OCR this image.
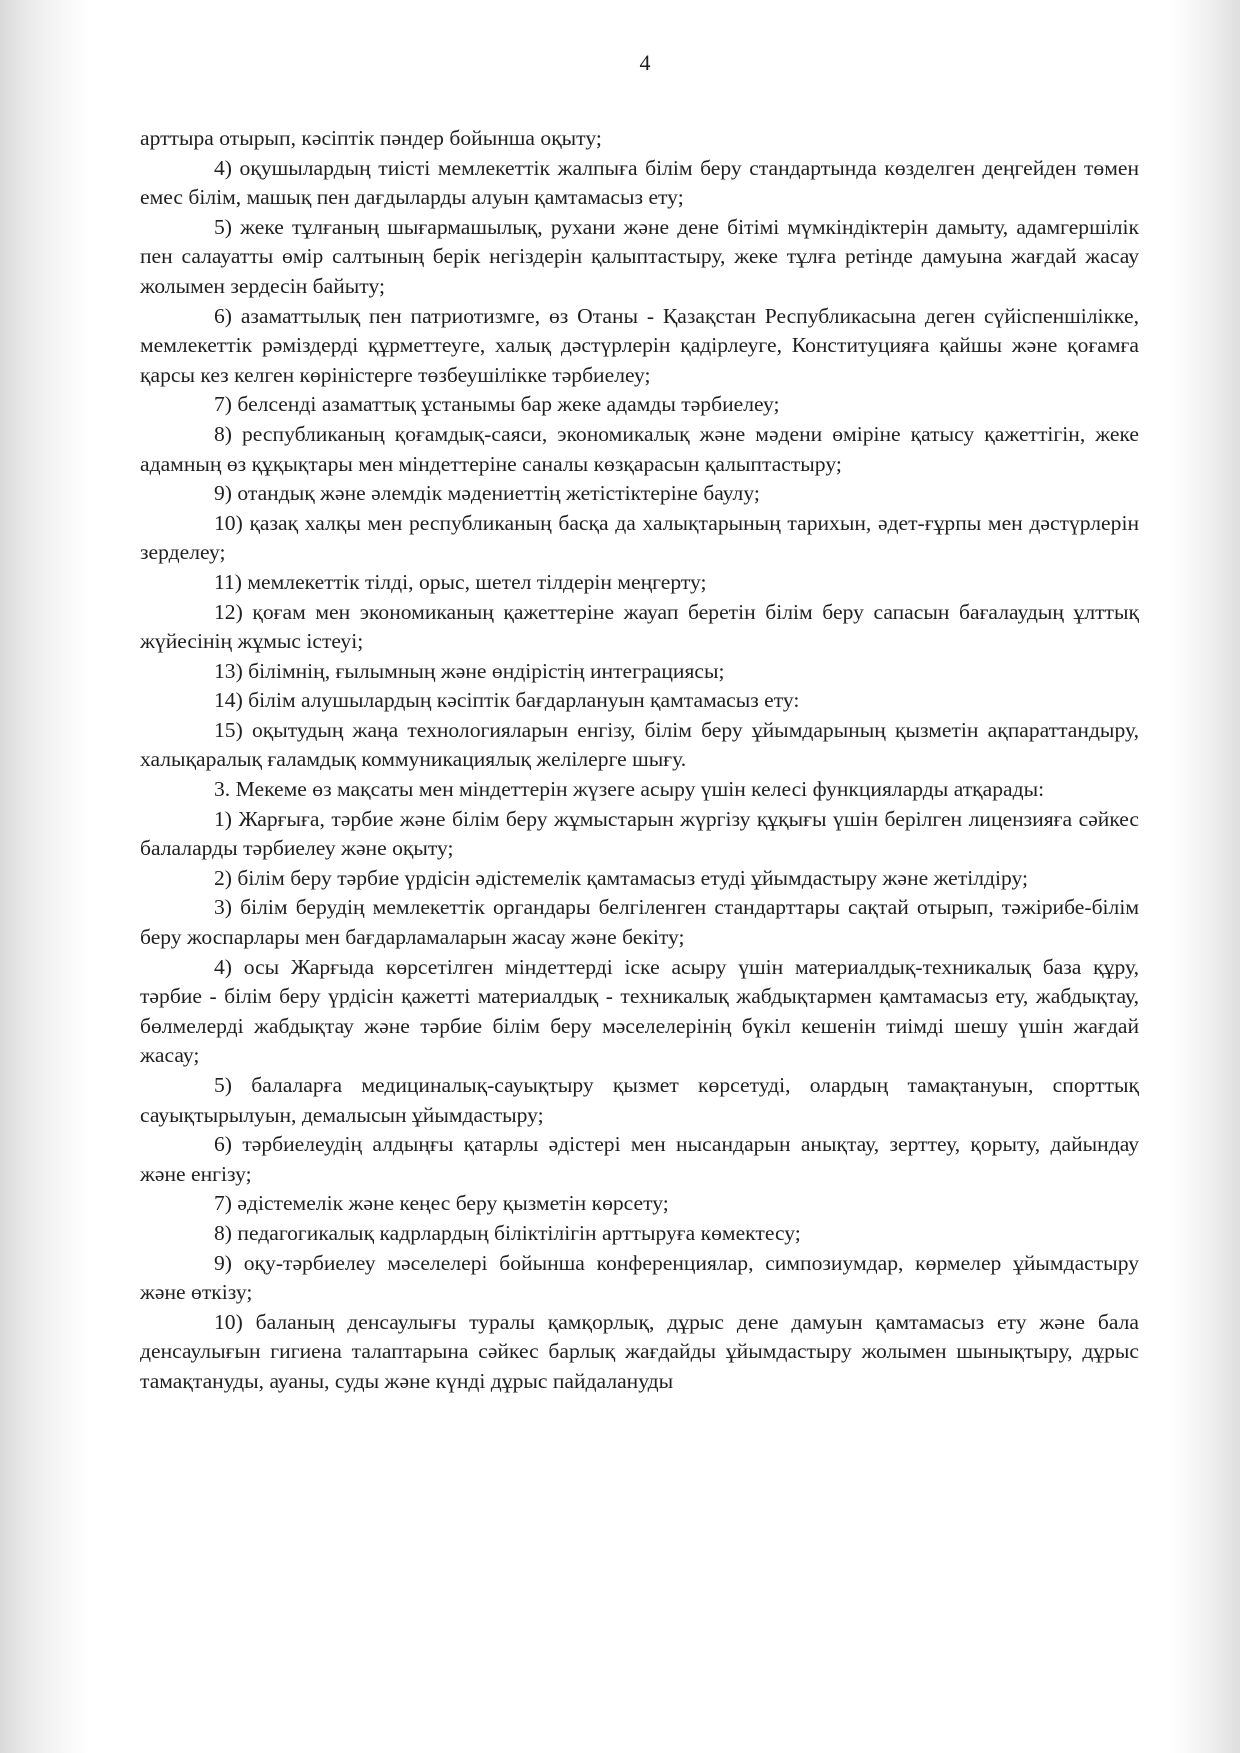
4

арттыра отырып, кәсіптік пәндер бойынша оқыту;

4) оқушылардың тиісті мемлекеттік жалпыға білім беру стандартында көзделген деңгейден төмен емес білім, машық пен дағдыларды алуын қамтамасыз ету;

5) жеке тұлғаның шығармашылық, рухани және дене бітімі мүмкіндіктерін дамыту, адамгершілік пен салауатты өмір салтының берік негіздерін қалыптастыру, жеке тұлға ретінде дамуына жағдай жасау жолымен зердесін байыту;

6) азаматтылық пен патриотизмге, өз Отаны - Қазақстан Республикасына деген сүйіспеншілікке, мемлекеттік рәміздерді құрметтеуге, халық дәстүрлерін қадірлеуге, Конституцияға қайшы және қоғамға қарсы кез келген көріністерге төзбеушілікке тәрбиелеу;

7) белсенді азаматтық ұстанымы бар жеке адамды тәрбиелеу;

8) республиканың қоғамдық-саяси, экономикалық және мәдени өміріне қатысу қажеттігін, жеке адамның өз құқықтары мен міндеттеріне саналы көзқарасын қалыптастыру;

9) отандық және әлемдік мәдениеттің жетістіктеріне баулу;

10) қазақ халқы мен республиканың басқа да халықтарының тарихын, әдет-ғұрпы мен дәстүрлерін зерделеу;

11) мемлекеттік тілді, орыс, шетел тілдерін меңгерту;

12) қоғам мен экономиканың қажеттеріне жауап беретін білім беру сапасын бағалаудың ұлттық жүйесінің жұмыс істеуі;

13) білімнің, ғылымның және өндірістің интеграциясы;

14) білім алушылардың кәсіптік бағдарлануын қамтамасыз ету:

15) оқытудың жаңа технологияларын енгізу, білім беру ұйымдарының қызметін ақпараттандыру, халықаралық ғаламдық коммуникациялық желілерге шығу.

3. Мекеме өз мақсаты мен міндеттерін жүзеге асыру үшін келесі функцияларды атқарады:

1) Жарғыға, тәрбие және білім беру жұмыстарын жүргізу құқығы үшін берілген лицензияға сәйкес балаларды тәрбиелеу және оқыту;

2) білім беру тәрбие үрдісін әдістемелік қамтамасыз етуді ұйымдастыру және жетілдіру;

3) білім берудің мемлекеттік органдары белгіленген стандарттары сақтай отырып, тәжірибе-білім беру жоспарлары мен бағдарламаларын жасау және бекіту;

4) осы Жарғыда көрсетілген міндеттерді іске асыру үшін материалдық-техникалық база құру, тәрбие - білім беру үрдісін қажетті материалдық - техникалық жабдықтармен қамтамасыз ету, жабдықтау, бөлмелерді жабдықтау және тәрбие білім беру мәселелерінің бүкіл кешенін тиімді шешу үшін жағдай жасау;

5) балаларға медициналық-сауықтыру қызмет көрсетуді, олардың тамақтануын, спорттық сауықтырылуын, демалысын ұйымдастыру;

6) тәрбиелеудің алдыңғы қатарлы әдістері мен нысандарын анықтау, зерттеу, қорыту, дайындау және енгізу;

7) әдістемелік және кеңес беру қызметін көрсету;

8) педагогикалық кадрлардың біліктілігін арттыруға көмектесу;

9) оқу-тәрбиелеу мәселелері бойынша конференциялар, симпозиумдар, көрмелер ұйымдастыру және өткізу;

10) баланың денсаулығы туралы қамқорлық, дұрыс дене дамуын қамтамасыз ету және бала денсаулығын гигиена талаптарына сәйкес барлық жағдайды ұйымдастыру жолымен шынықтыру, дұрыс тамақтануды, ауаны, суды және күнді дұрыс пайдалануды
